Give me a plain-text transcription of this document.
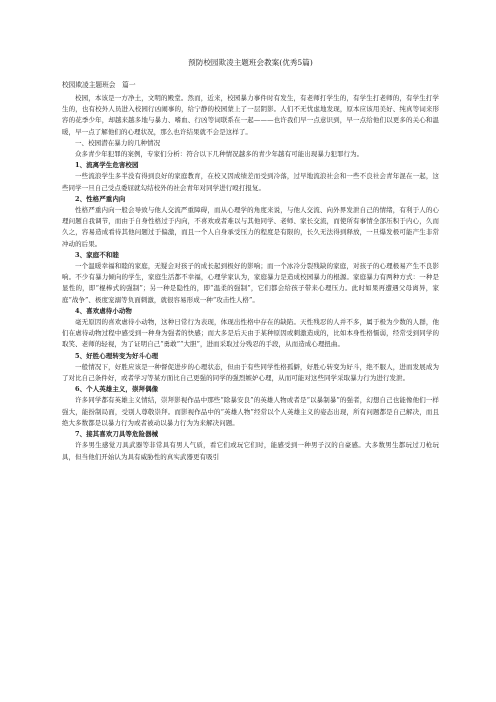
预防校园欺凌主题班会教案(优秀5篇)
校园欺凌主题班会　篇一

校园，本该是一方净土，文明的殿堂。然而，近来，校园暴力事件时有发生，有老师打学生的，有学生打老师的，有学生打学生的，也有校外人员进入校园行凶闹事的，给宁静的校园蒙上了一层阴影。人们不无忧虑地发现，原本应该用美好、纯真等词来形容的花季少年，却越来越多地与暴力、嗜血、行凶等词联系在一起———也许我们早一点意识到，早一点给他们以更多的关心和温暖，早一点了解他们的心理状况，那么也许结果就不会是这样了。

一、校园潜在暴力的几种情况

众多青少年犯罪的案例，专家们分析：符合以下几种情况越多的青少年越有可能出现暴力犯罪行为。

1、流离学生危害校园

一些流浪学生多半没有得到良好的家庭教育，在校又因成绩差而受到冷落，过早地流浪社会和一些不良社会青年混在一起，这些同学一旦自己受点委屈就勾结校外的社会青年对同学进行殴打报复。

2、性格严重内向

性格严重内向一般会导致与他人交流严重障碍，而从心理学的角度来说，与他人交流、向外界发泄自己的情绪，有利于人的心理问题自我调节，而由于自身性格过于内向，不喜欢或者难以与其他同学、老师、家长交流，而使所有事情全部压积于内心，久而久之，容易造成看待其他问题过于偏激，而且一个人自身承受压力的程度是有限的，长久无法得到释放，一旦爆发极可能产生非常冲动的后果。

3、家庭不和睦

一个温暖幸福和睦的家庭，无疑会对孩子的成长起到极好的影响；而一个冰冷分裂残缺的家庭，对孩子的心理极易产生不良影响。不少有暴力倾向的学生，家庭生活都不幸福，心理学家认为，家庭暴力是造成校园暴力的根源。家庭暴力有两种方式：一种是显性的，即“棍棒式的强制”；另一种是隐性的，即“温柔的强制”，它们都会给孩子带来心理压力。此时如果再遭遇父母离异，家庭“战争”、极度宠溺等负面刺激，就很容易形成一种“攻击性人格”。

4、喜欢虐待小动物

毫无原因的喜欢虐待小动物，这种日常行为表现，体现出性格中存在的缺陷。天性残忍的人并不多，属于极为少数的人群，他们在虐待动物过程中感受到一种身为强者的快感；而大多是后天由于某种原因或刺激造成的，比如本身性格懦弱，经常受到同学的取笑、老师的轻视，为了证明自己“勇敢”“大胆”，进而采取过分残忍的手段，从而造成心理扭曲。

5、好胜心理转变为好斗心理

一般情况下，好胜应该是一种督促进步的心理状态，但由于有些同学性格孤僻，好胜心转变为好斗，绝不服人，进而发展成为了对比自己条件好，或者学习等某方面比自己更强的同学的强烈嫉妒心理，从而可能对这些同学采取暴力行为进行发泄。

6、个人英雄主义，崇拜偶像

许多同学都有英雄主义情结，崇拜影视作品中那些“除暴安良”的英雄人物或者是“以暴制暴”的强者，幻想自己也能像他们一样强大，能扮制局面，受别人尊敬崇拜。而影视作品中的“英雄人物”经常以个人英雄主义的姿态出现，所有问题都是自己解决，而且绝大多数都是以暴力行为或者被动以暴力行为为来解决问题。

7、接其喜欢刀具等危险器械

许多男生感觉刀具武器等非常具有男人气质，看它们或玩它们时，能感受到一种男子汉的自豪感。大多数男生都玩过刀枪玩具，但当他们开始认为具有威胁性的真实武器更有吸引
